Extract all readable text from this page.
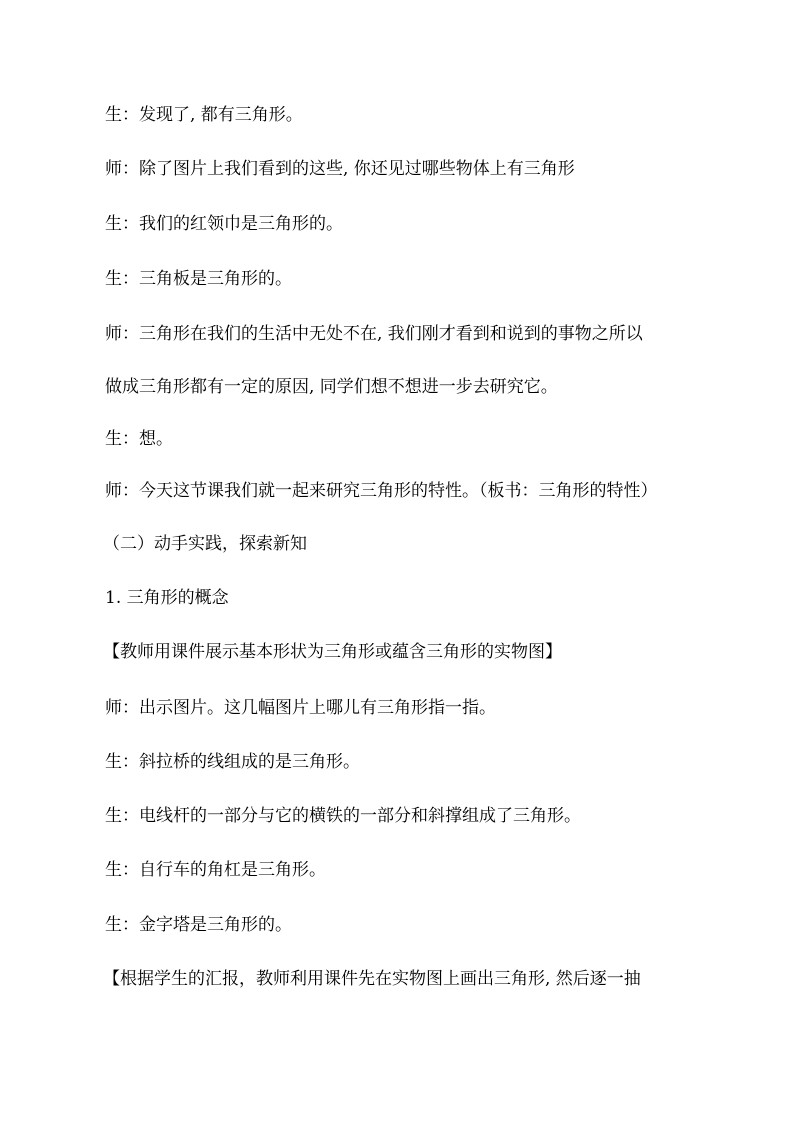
生：发现了, 都有三角形。
师：除了图片上我们看到的这些, 你还见过哪些物体上有三角形
生：我们的红领巾是三角形的。
生：三角板是三角形的。
师：三角形在我们的生活中无处不在, 我们刚才看到和说到的事物之所以
做成三角形都有一定的原因, 同学们想不想进一步去研究它。
生：想。
师：今天这节课我们就一起来研究三角形的特性。（板书：三角形的特性）
（二）动手实践，探索新知
1. 三角形的概念
【教师用课件展示基本形状为三角形或蕴含三角形的实物图】
师：出示图片。这几幅图片上哪儿有三角形指一指。
生：斜拉桥的线组成的是三角形。
生：电线杆的一部分与它的横铁的一部分和斜撑组成了三角形。
生：自行车的角杠是三角形。
生：金字塔是三角形的。
【根据学生的汇报，教师利用课件先在实物图上画出三角形, 然后逐一抽
